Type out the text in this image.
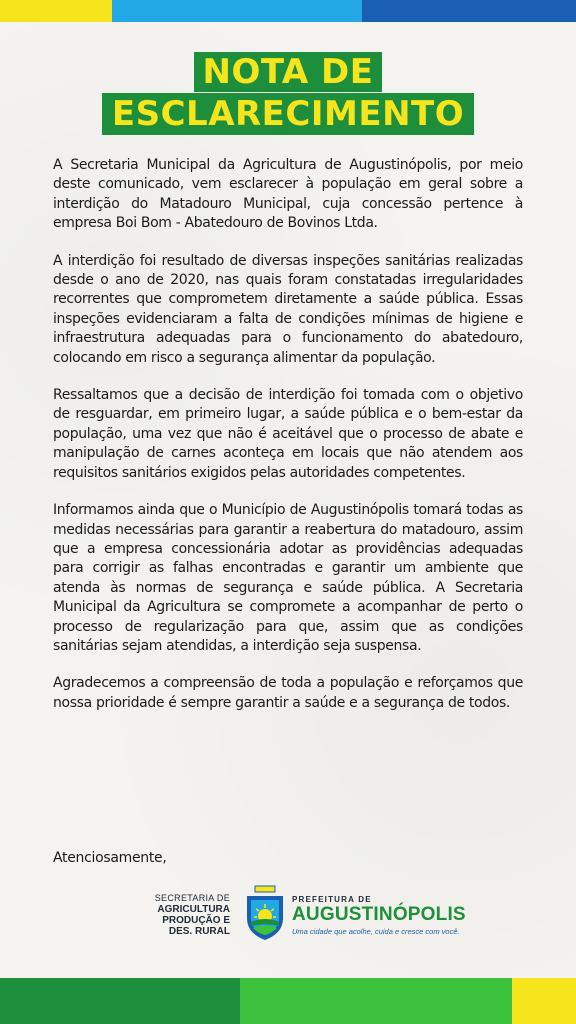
NOTA DE
ESCLARECIMENTO

A Secretaria Municipal da Agricultura de Augustinópolis, por meio deste comunicado, vem esclarecer à população em geral sobre a interdição do Matadouro Municipal, cuja concessão pertence à empresa Boi Bom - Abatedouro de Bovinos Ltda.

A interdição foi resultado de diversas inspeções sanitárias realizadas desde o ano de 2020, nas quais foram constatadas irregularidades recorrentes que comprometem diretamente a saúde pública. Essas inspeções evidenciaram a falta de condições mínimas de higiene e infraestrutura adequadas para o funcionamento do abatedouro, colocando em risco a segurança alimentar da população.

Ressaltamos que a decisão de interdição foi tomada com o objetivo de resguardar, em primeiro lugar, a saúde pública e o bem-estar da população, uma vez que não é aceitável que o processo de abate e manipulação de carnes aconteça em locais que não atendem aos requisitos sanitários exigidos pelas autoridades competentes.

Informamos ainda que o Município de Augustinópolis tomará todas as medidas necessárias para garantir a reabertura do matadouro, assim que a empresa concessionária adotar as providências adequadas para corrigir as falhas encontradas e garantir um ambiente que atenda às normas de segurança e saúde pública. A Secretaria Municipal da Agricultura se compromete a acompanhar de perto o processo de regularização para que, assim que as condições sanitárias sejam atendidas, a interdição seja suspensa.

Agradecemos a compreensão de toda a população e reforçamos que nossa prioridade é sempre garantir a saúde e a segurança de todos.

Atenciosamente,
SECRETARIA DE
AGRICULTURA
PRODUÇÃO E
DES. RURAL
PREFEITURA DE
AUGUSTINÓPOLIS
Uma cidade que acolhe, cuida e cresce com você.
